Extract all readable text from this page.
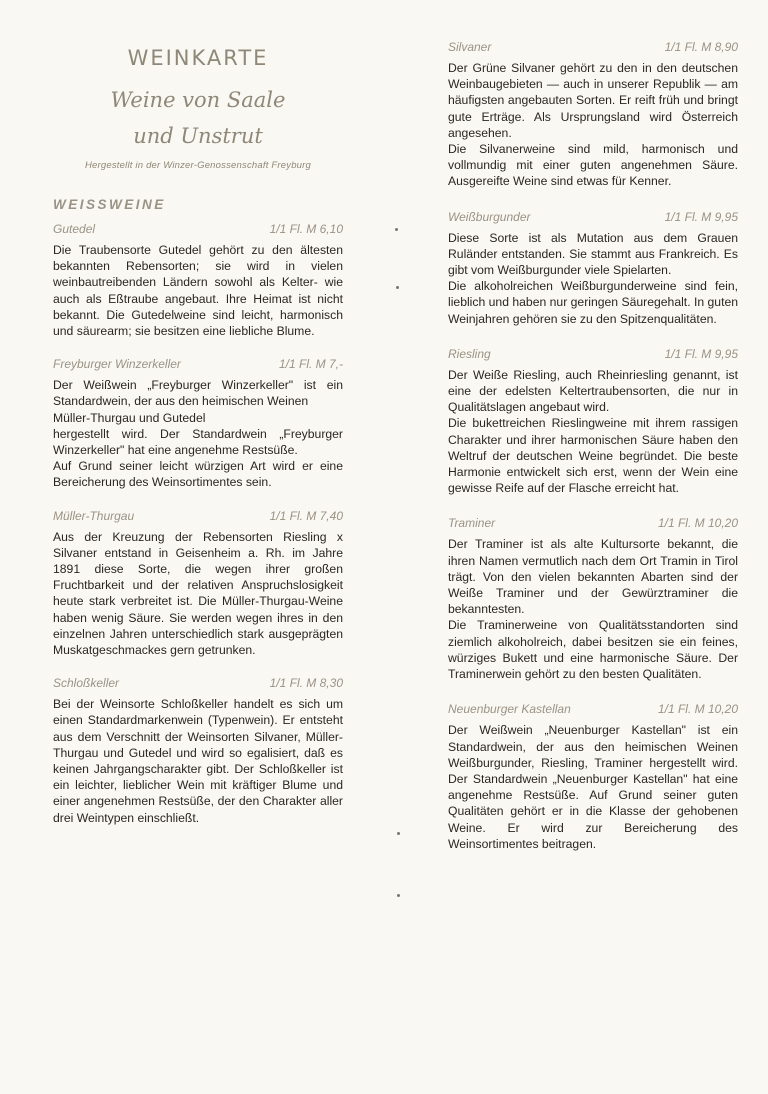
WEINKARTE
Weine von Saale
und Unstrut

Hergestellt in der Winzer-Genossenschaft Freyburg

WEISSWEINE
Gutedel	1/1 Fl. M 6,10

Die Traubensorte Gutedel gehört zu den ältesten bekannten Rebensorten; sie wird in vielen weinbautreibenden Ländern sowohl als Kelter- wie auch als Eßtraube angebaut. Ihre Heimat ist nicht bekannt. Die Gutedelweine sind leicht, harmonisch und säurearm; sie besitzen eine liebliche Blume.

Freyburger Winzerkeller	1/1 Fl. M 7,-

Der Weißwein „Freyburger Winzerkeller" ist ein Standardwein, der aus den heimischen Weinen
Müller-Thurgau und Gutedel
hergestellt wird. Der Standardwein „Freyburger Winzerkeller" hat eine angenehme Restsüße.
Auf Grund seiner leicht würzigen Art wird er eine Bereicherung des Weinsortimentes sein.

Müller-Thurgau	1/1 Fl. M 7,40

Aus der Kreuzung der Rebensorten Riesling x Silvaner entstand in Geisenheim a. Rh. im Jahre 1891 diese Sorte, die wegen ihrer großen Fruchtbarkeit und der relativen Anspruchslosigkeit heute stark verbreitet ist. Die Müller-Thurgau-Weine haben wenig Säure. Sie werden wegen ihres in den einzelnen Jahren unterschiedlich stark ausgeprägten Muskatgeschmackes gern getrunken.

Schloßkeller	1/1 Fl. M 8,30

Bei der Weinsorte Schloßkeller handelt es sich um einen Standardmarkenwein (Typenwein). Er entsteht aus dem Verschnitt der Weinsorten Silvaner, Müller-Thurgau und Gutedel und wird so egalisiert, daß es keinen Jahrgangscharakter gibt. Der Schloßkeller ist ein leichter, lieblicher Wein mit kräftiger Blume und einer angenehmen Restsüße, der den Charakter aller drei Weintypen einschließt.

Silvaner	1/1 Fl. M 8,90

Der Grüne Silvaner gehört zu den in den deutschen Weinbaugebieten — auch in unserer Republik — am häufigsten angebauten Sorten. Er reift früh und bringt gute Erträge. Als Ursprungsland wird Österreich angesehen.
Die Silvanerweine sind mild, harmonisch und vollmundig mit einer guten angenehmen Säure. Ausgereifte Weine sind etwas für Kenner.

Weißburgunder	1/1 Fl. M 9,95

Diese Sorte ist als Mutation aus dem Grauen Ruländer entstanden. Sie stammt aus Frankreich. Es gibt vom Weißburgunder viele Spielarten.
Die alkoholreichen Weißburgunderweine sind fein, lieblich und haben nur geringen Säuregehalt. In guten Weinjahren gehören sie zu den Spitzenqualitäten.

Riesling	1/1 Fl. M 9,95

Der Weiße Riesling, auch Rheinriesling genannt, ist eine der edelsten Keltertraubensorten, die nur in Qualitätslagen angebaut wird.
Die bukettreichen Rieslingweine mit ihrem rassigen Charakter und ihrer harmonischen Säure haben den Weltruf der deutschen Weine begründet. Die beste Harmonie entwickelt sich erst, wenn der Wein eine gewisse Reife auf der Flasche erreicht hat.

Traminer	1/1 Fl. M 10,20

Der Traminer ist als alte Kultursorte bekannt, die ihren Namen vermutlich nach dem Ort Tramin in Tirol trägt. Von den vielen bekannten Abarten sind der Weiße Traminer und der Gewürztraminer die bekanntesten.
Die Traminerweine von Qualitätsstandorten sind ziemlich alkoholreich, dabei besitzen sie ein feines, würziges Bukett und eine harmonische Säure. Der Traminerwein gehört zu den besten Qualitäten.

Neuenburger Kastellan	1/1 Fl. M 10,20

Der Weißwein „Neuenburger Kastellan" ist ein Standardwein, der aus den heimischen Weinen Weißburgunder, Riesling, Traminer hergestellt wird. Der Standardwein „Neuenburger Kastellan" hat eine angenehme Restsüße. Auf Grund seiner guten Qualitäten gehört er in die Klasse der gehobenen Weine. Er wird zur Bereicherung des Weinsortimentes beitragen.
